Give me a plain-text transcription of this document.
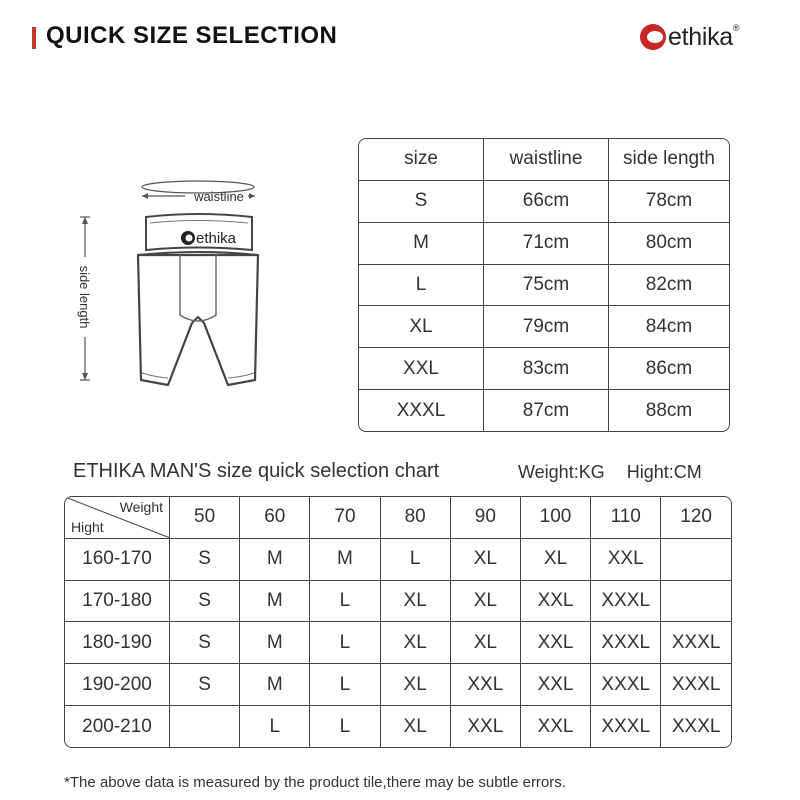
QUICK SIZE SELECTION	ethika®
waistline
side length
ethika
size	waistline	side length
S	66cm	78cm
M	71cm	80cm
L	75cm	82cm
XL	79cm	84cm
XXL	83cm	86cm
XXXL	87cm	88cm
ETHIKA MAN'S size quick selection chart	Weight:KG Hight:CM
Weight
Hight	50	60	70	80	90	100	110	120
160-170	S	M	M	L	XL	XL	XXL	
170-180	S	M	L	XL	XL	XXL	XXXL	
180-190	S	M	L	XL	XL	XXL	XXXL	XXXL
190-200	S	M	L	XL	XXL	XXL	XXXL	XXXL
200-210		L	L	XL	XXL	XXL	XXXL	XXXL
*The above data is measured by the product tile,there may be subtle errors.
